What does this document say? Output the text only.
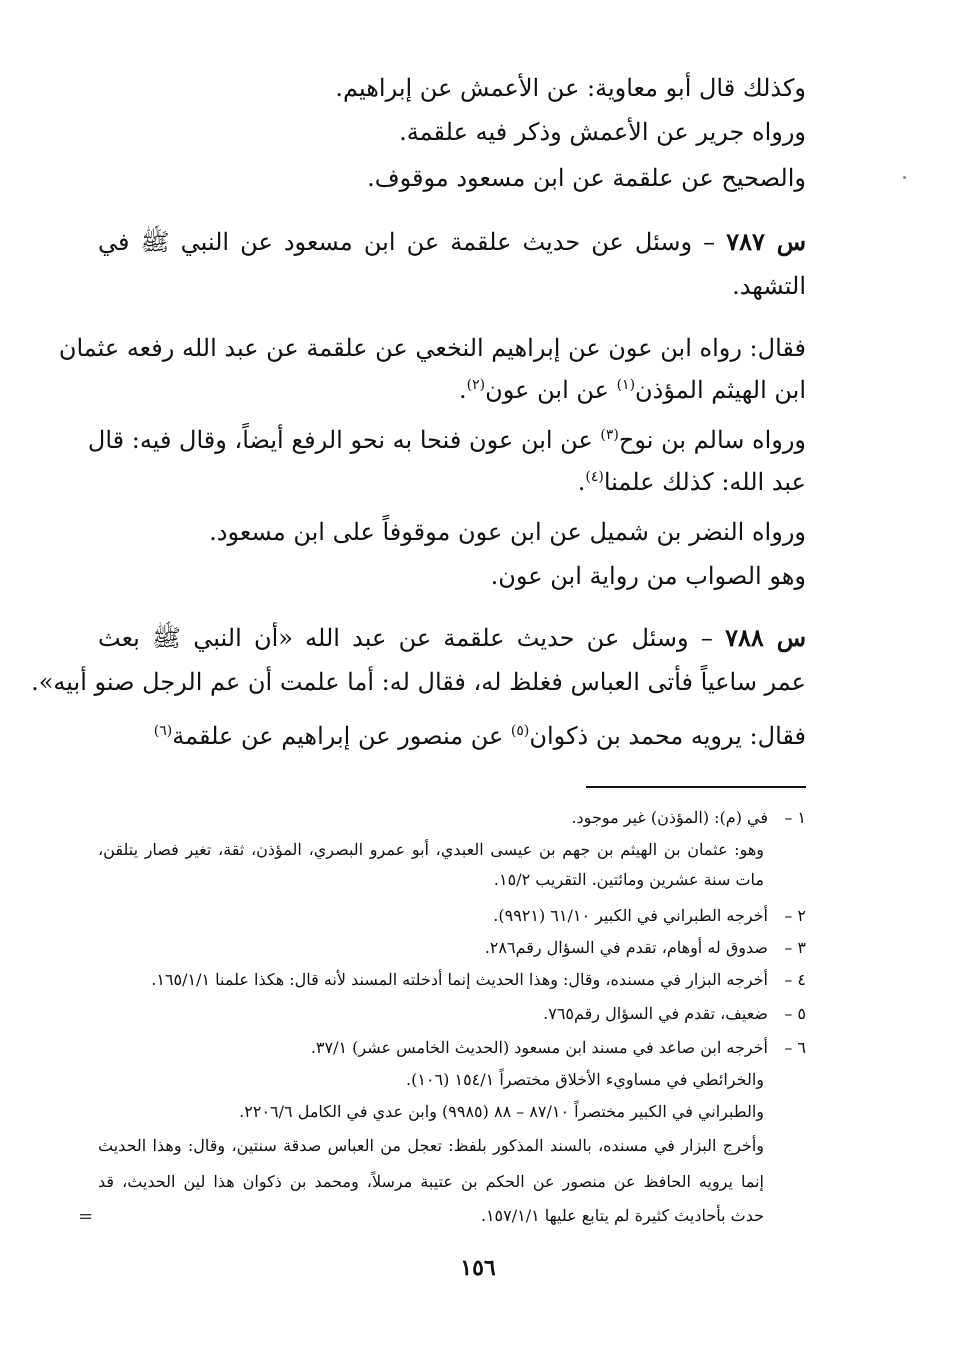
وكذلك قال أبو معاوية: عن الأعمش عن إبراهيم.
ورواه جرير عن الأعمش وذكر فيه علقمة.
والصحيح عن علقمة عن ابن مسعود موقوف.
س ٧٨٧ – وسئل عن حديث علقمة عن ابن مسعود عن النبي ﷺ في
التشهد.
فقال: رواه ابن عون عن إبراهيم النخعي عن علقمة عن عبد الله رفعه عثمان
ابن الهيثم المؤذن$^{(١)}$ عن ابن عون$^{(٢)}$.
ورواه سالم بن نوح$^{(٣)}$ عن ابن عون فنحا به نحو الرفع أيضاً، وقال فيه: قال
عبد الله: كذلك علمنا$^{(٤)}$.
ورواه النضر بن شميل عن ابن عون موقوفاً على ابن مسعود.
وهو الصواب من رواية ابن عون.
س ٧٨٨ – وسئل عن حديث علقمة عن عبد الله «أن النبي ﷺ بعث
عمر ساعياً فأتى العباس فغلظ له، فقال له: أما علمت أن عم الرجل صنو أبيه».
فقال: يرويه محمد بن ذكوان$^{(٥)}$ عن منصور عن إبراهيم عن علقمة$^{(٦)}$
١ –في (م): (المؤذن) غير موجود.
وهو: عثمان بن الهيثم بن جهم بن عيسى العبدي، أبو عمرو البصري، المؤذن، ثقة، تغير فصار يتلقن،
مات سنة عشرين ومائتين. التقريب ١٥/٢.
٢ –أخرجه الطبراني في الكبير ٦١/١٠ (٩٩٢١).
٣ –صدوق له أوهام، تقدم في السؤال رقم٢٨٦.
٤ –أخرجه البزار في مسنده، وقال: وهذا الحديث إنما أدخلته المسند لأنه قال: هكذا علمنا ١٦٥/١/١.
٥ –ضعيف، تقدم في السؤال رقم٧٦٥.
٦ –أخرجه ابن صاعد في مسند ابن مسعود (الحديث الخامس عشر) ٣٧/١.
والخرائطي في مساويء الأخلاق مختصراً ١٥٤/١ (١٠٦).
والطبراني في الكبير مختصراً ٨٧/١٠ – ٨٨ (٩٩٨٥) وابن عدي في الكامل ٢٢٠٦/٦.
وأخرج البزار في مسنده، بالسند المذكور بلفظ: تعجل من العباس صدقة سنتين، وقال: وهذا الحديث
إنما يرويه الحافظ عن منصور عن الحكم بن عتيبة مرسلاً، ومحمد بن ذكوان هذا لين الحديث، قد
حدث بأحاديث كثيرة لم يتابع عليها ١٥٧/١/١.
=
١٥٦
